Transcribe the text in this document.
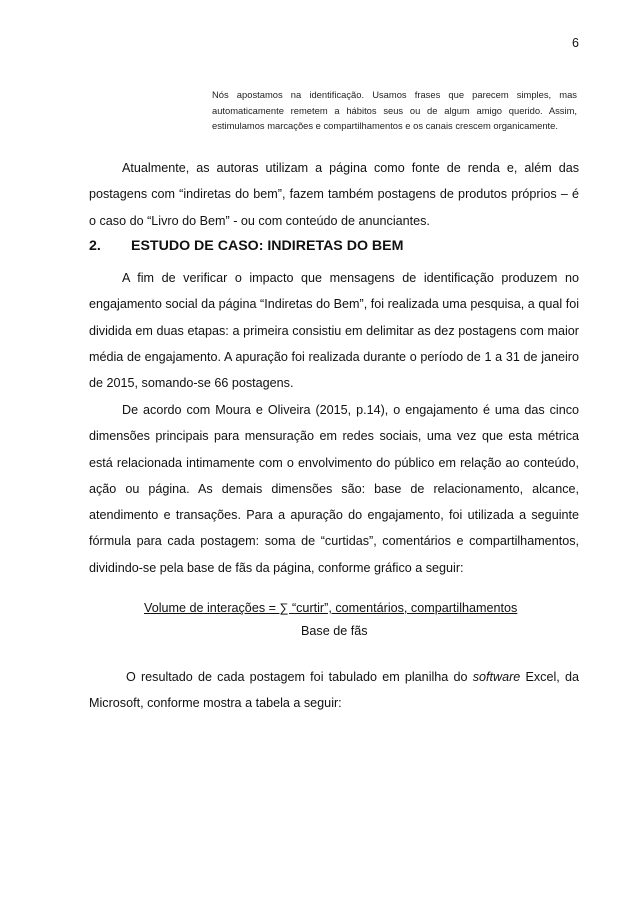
6
Nós apostamos na identificação. Usamos frases que parecem simples, mas automaticamente remetem a hábitos seus ou de algum amigo querido. Assim, estimulamos marcações e compartilhamentos e os canais crescem organicamente.

Atualmente, as autoras utilizam a página como fonte de renda e, além das postagens com “indiretas do bem”, fazem também postagens de produtos próprios – é o caso do “Livro do Bem” - ou com conteúdo de anunciantes.

2. ESTUDO DE CASO: INDIRETAS DO BEM

A fim de verificar o impacto que mensagens de identificação produzem no engajamento social da página “Indiretas do Bem”, foi realizada uma pesquisa, a qual foi dividida em duas etapas: a primeira consistiu em delimitar as dez postagens com maior média de engajamento. A apuração foi realizada durante o período de 1 a 31 de janeiro de 2015, somando-se 66 postagens.

De acordo com Moura e Oliveira (2015, p.14), o engajamento é uma das cinco dimensões principais para mensuração em redes sociais, uma vez que esta métrica está relacionada intimamente com o envolvimento do público em relação ao conteúdo, ação ou página. As demais dimensões são: base de relacionamento, alcance, atendimento e transações. Para a apuração do engajamento, foi utilizada a seguinte fórmula para cada postagem: soma de “curtidas”, comentários e compartilhamentos, dividindo-se pela base de fãs da página, conforme gráfico a seguir:

Volume de interações = ∑ “curtir”, comentários, compartilhamentos
Base de fãs

O resultado de cada postagem foi tabulado em planilha do software Excel, da Microsoft, conforme mostra a tabela a seguir:
